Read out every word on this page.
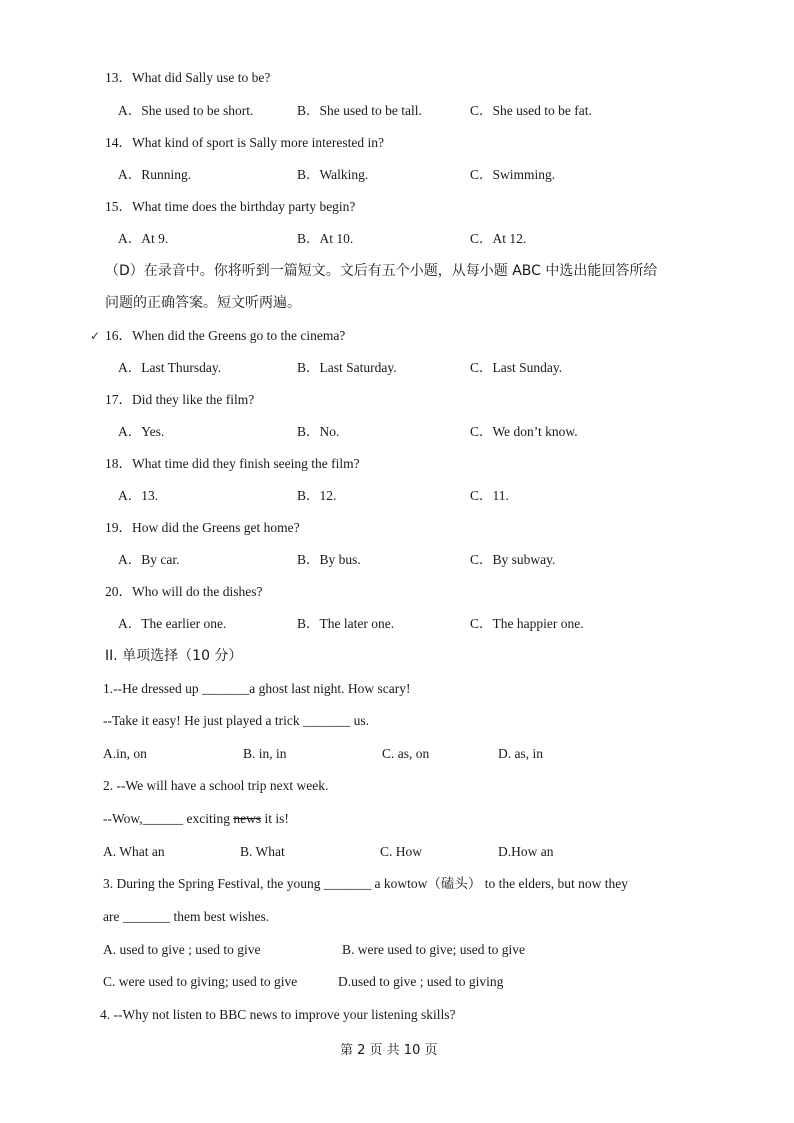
13．What did Sally use to be?
A．She used to be short.	B．She used to be tall.	C．She used to be fat.
14．What kind of sport is Sally more interested in?
A．Running.	B．Walking.	C．Swimming.
15．What time does the birthday party begin?
A．At 9.	B．At 10.	C．At 12.
（D）在录音中。你将听到一篇短文。文后有五个小题，从每小题 ABC 中选出能回答所给
问题的正确答案。短文听两遍。
✓ 16．When did the Greens go to the cinema?
A．Last Thursday.	B．Last Saturday.	C．Last Sunday.
17．Did they like the film?
A．Yes.	B．No.	C．We don’t know.
18．What time did they finish seeing the film?
A．13.	B．12.	C．11.
19．How did the Greens get home?
A．By car.	B．By bus.	C．By subway.
20．Who will do the dishes?
A．The earlier one.	B．The later one.	C．The happier one.
II. 单项选择（10 分）
1.--He dressed up _______a ghost last night. How scary!
--Take it easy! He just played a trick _______ us.
A.in, on	B. in, in	C. as, on	D. as, in
2. --We will have a school trip next week.
--Wow,______ exciting news it is!
A. What an	B. What	C. How	D.How an
3. During the Spring Festival, the young _______ a kowtow（磕头） to the elders, but now they
are _______ them best wishes.
A. used to give ; used to give	B. were used to give; used to give
C. were used to giving; used to give	D.used to give ; used to giving
4. --Why not listen to BBC news to improve your listening skills?
第 2 页 共 10 页
